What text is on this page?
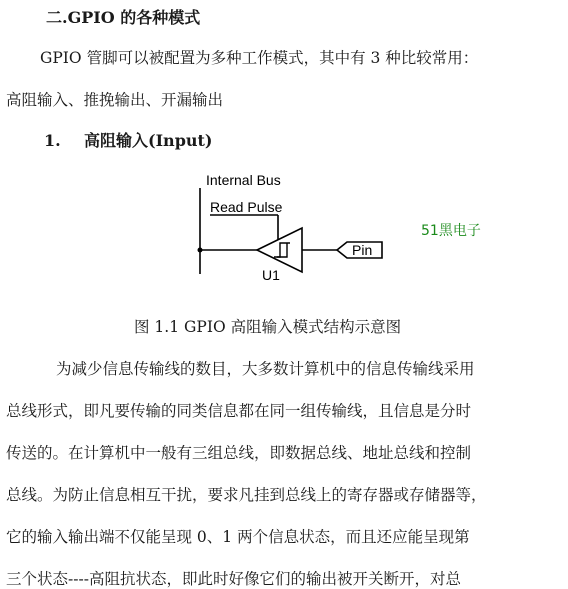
二.GPIO 的各种模式
GPIO 管脚可以被配置为多种工作模式，其中有 3 种比较常用：
高阻输入、推挽输出、开漏输出
1. 高阻输入(Input)
Internal Bus
Read Pulse
Pin
U1
51黑电子
图 1.1 GPIO 高阻输入模式结构示意图
为减少信息传输线的数目，大多数计算机中的信息传输线采用
总线形式，即凡要传输的同类信息都在同一组传输线，且信息是分时
传送的。在计算机中一般有三组总线，即数据总线、地址总线和控制
总线。为防止信息相互干扰，要求凡挂到总线上的寄存器或存储器等，
它的输入输出端不仅能呈现 0、1 两个信息状态，而且还应能呈现第
三个状态----高阻抗状态，即此时好像它们的输出被开关断开，对总
